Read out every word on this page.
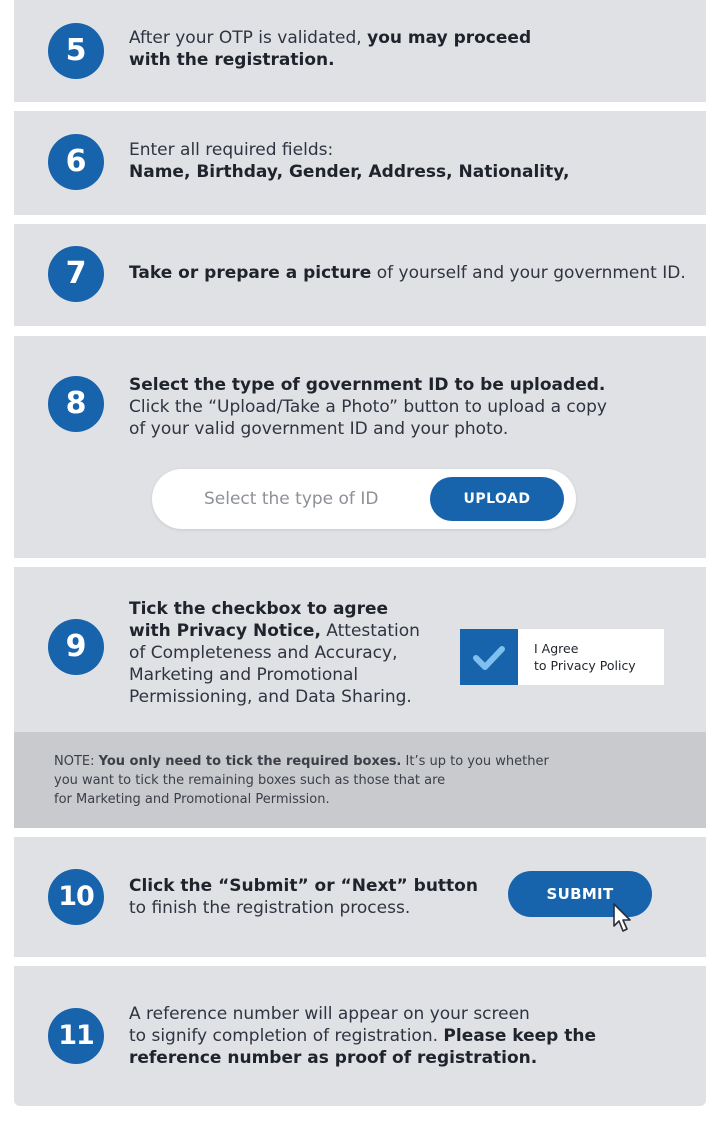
5	After your OTP is validated, you may proceed
with the registration.
6	Enter all required fields:
Name, Birthday, Gender, Address, Nationality,
7	Take or prepare a picture of yourself and your government ID.
8
Select the type of government ID to be uploaded.
Click the “Upload/Take a Photo” button to upload a copy
of your valid government ID and your photo.
Select the type of ID	UPLOAD
9
Tick the checkbox to agree
with Privacy Notice, Attestation
of Completeness and Accuracy,
Marketing and Promotional
Permissioning, and Data Sharing.
I Agree
to Privacy Policy
NOTE: You only need to tick the required boxes. It’s up to you whether
you want to tick the remaining boxes such as those that are
for Marketing and Promotional Permission.
10	Click the “Submit” or “Next” button
to finish the registration process.
SUBMIT
11
A reference number will appear on your screen
to signify completion of registration. Please keep the
reference number as proof of registration.
